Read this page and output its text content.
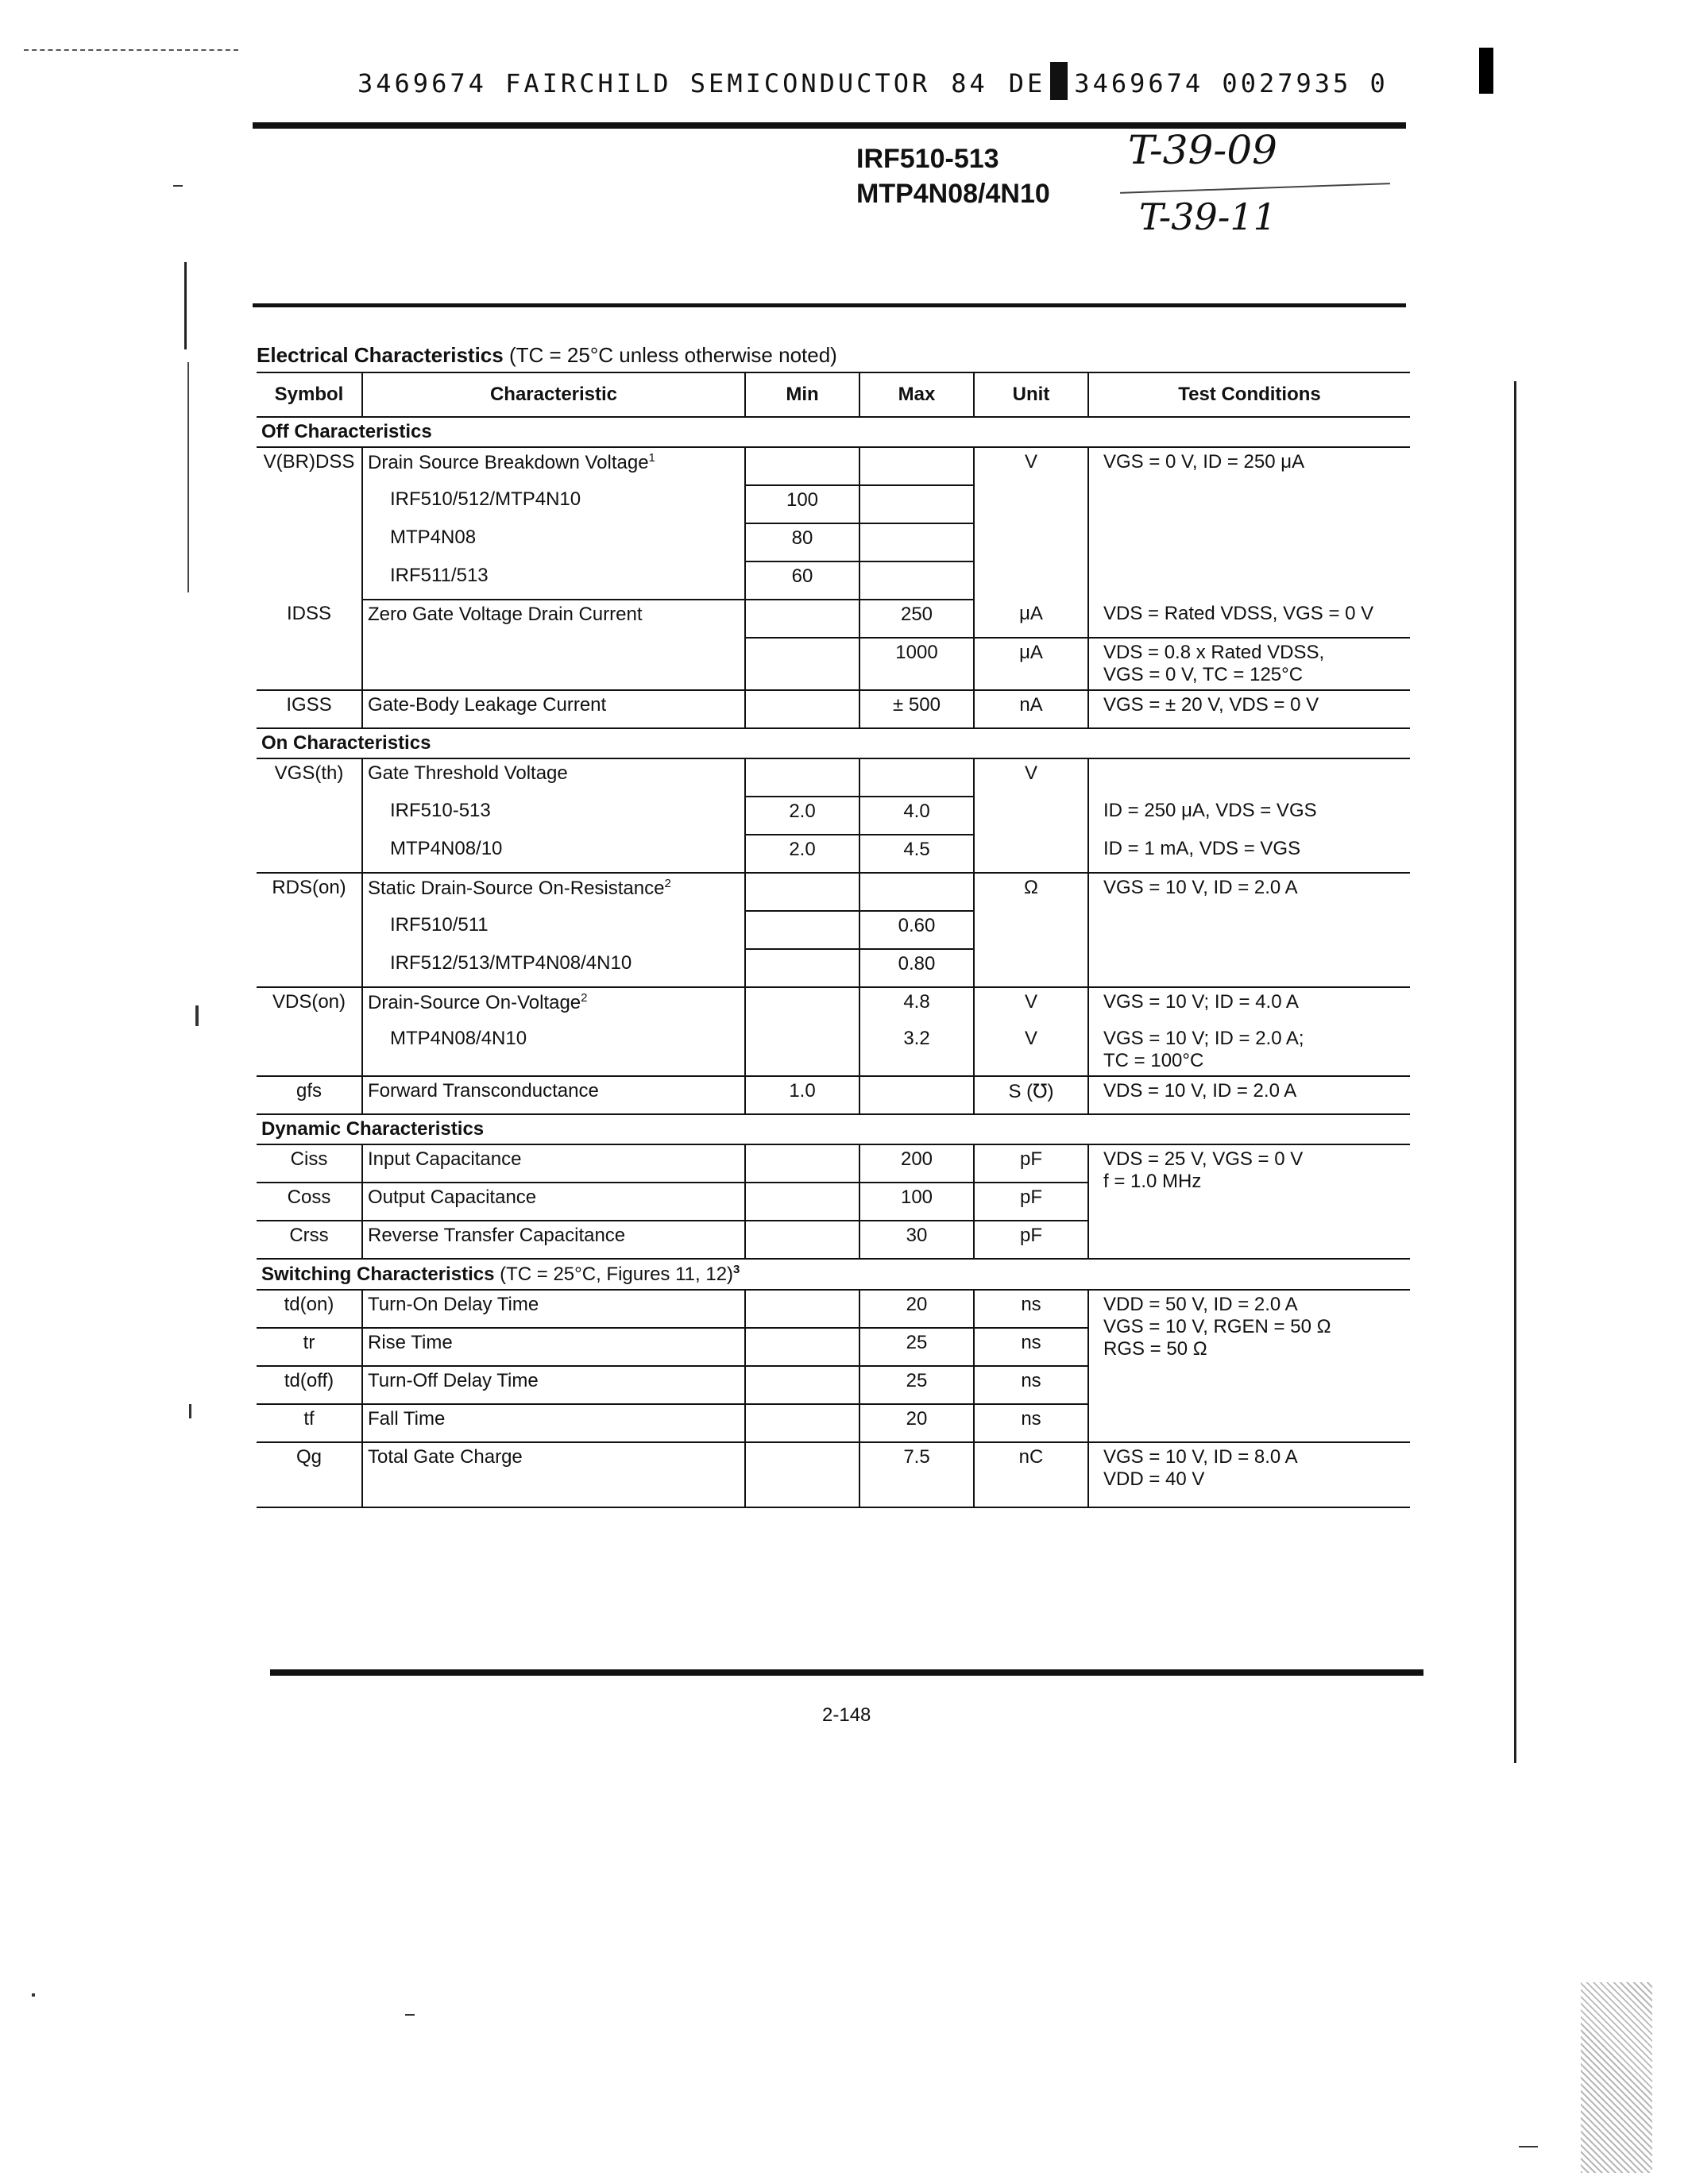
3469674 FAIRCHILD SEMICONDUCTOR 84 DE 3469674 0027935 0
IRF510-513
MTP4N08/4N10
T-39-09
T-39-11
Electrical Characteristics (TC = 25°C unless otherwise noted)
Symbol	Characteristic	Min	Max	Unit	Test Conditions
Off Characteristics					
V(BR)DSS	Drain Source Breakdown Voltage$^1$			V	VGS = 0 V, ID = 250 μA
	IRF510/512/MTP4N10	100			
	MTP4N08	80			
	IRF511/513	60			
IDSS	Zero Gate Voltage Drain Current		250	μA	VDS = Rated VDSS, VGS = 0 V
			1000	μA	VDS = 0.8 x Rated VDSS,
VGS = 0 V, TC = 125°C

IGSS	Gate-Body Leakage Current		± 500	nA	VGS = ± 20 V, VDS = 0 V
On Characteristics					
VGS(th)	Gate Threshold Voltage			V	
	IRF510-513	2.0	4.0		ID = 250 μA, VDS = VGS
	MTP4N08/10	2.0	4.5		ID = 1 mA, VDS = VGS
RDS(on)	Static Drain-Source On-Resistance$^2$			Ω	VGS = 10 V, ID = 2.0 A
	IRF510/511		0.60		
	IRF512/513/MTP4N08/4N10		0.80		
VDS(on)	Drain-Source On-Voltage$^2$		4.8	V	VGS = 10 V; ID = 4.0 A
	MTP4N08/4N10		3.2	V	VGS = 10 V; ID = 2.0 A;
TC = 100°C

gfs	Forward Transconductance	1.0		S (℧)	VDS = 10 V, ID = 2.0 A
Dynamic Characteristics					
Ciss	Input Capacitance		200	pF	VDS = 25 V, VGS = 0 V
f = 1.0 MHz

Coss	Output Capacitance		100	pF	
Crss	Reverse Transfer Capacitance		30	pF	
Switching Characteristics (TC = 25°C, Figures 11, 12)$^3$
td(on)	Turn-On Delay Time		20	ns	VDD = 50 V, ID = 2.0 A
VGS = 10 V, RGEN = 50 Ω
RGS = 50 Ω

tr	Rise Time		25	ns	
td(off)	Turn-Off Delay Time		25	ns	
tf	Fall Time		20	ns	
Qg	Total Gate Charge		7.5	nC	VGS = 10 V, ID = 8.0 A
VDD = 40 V
2-148
